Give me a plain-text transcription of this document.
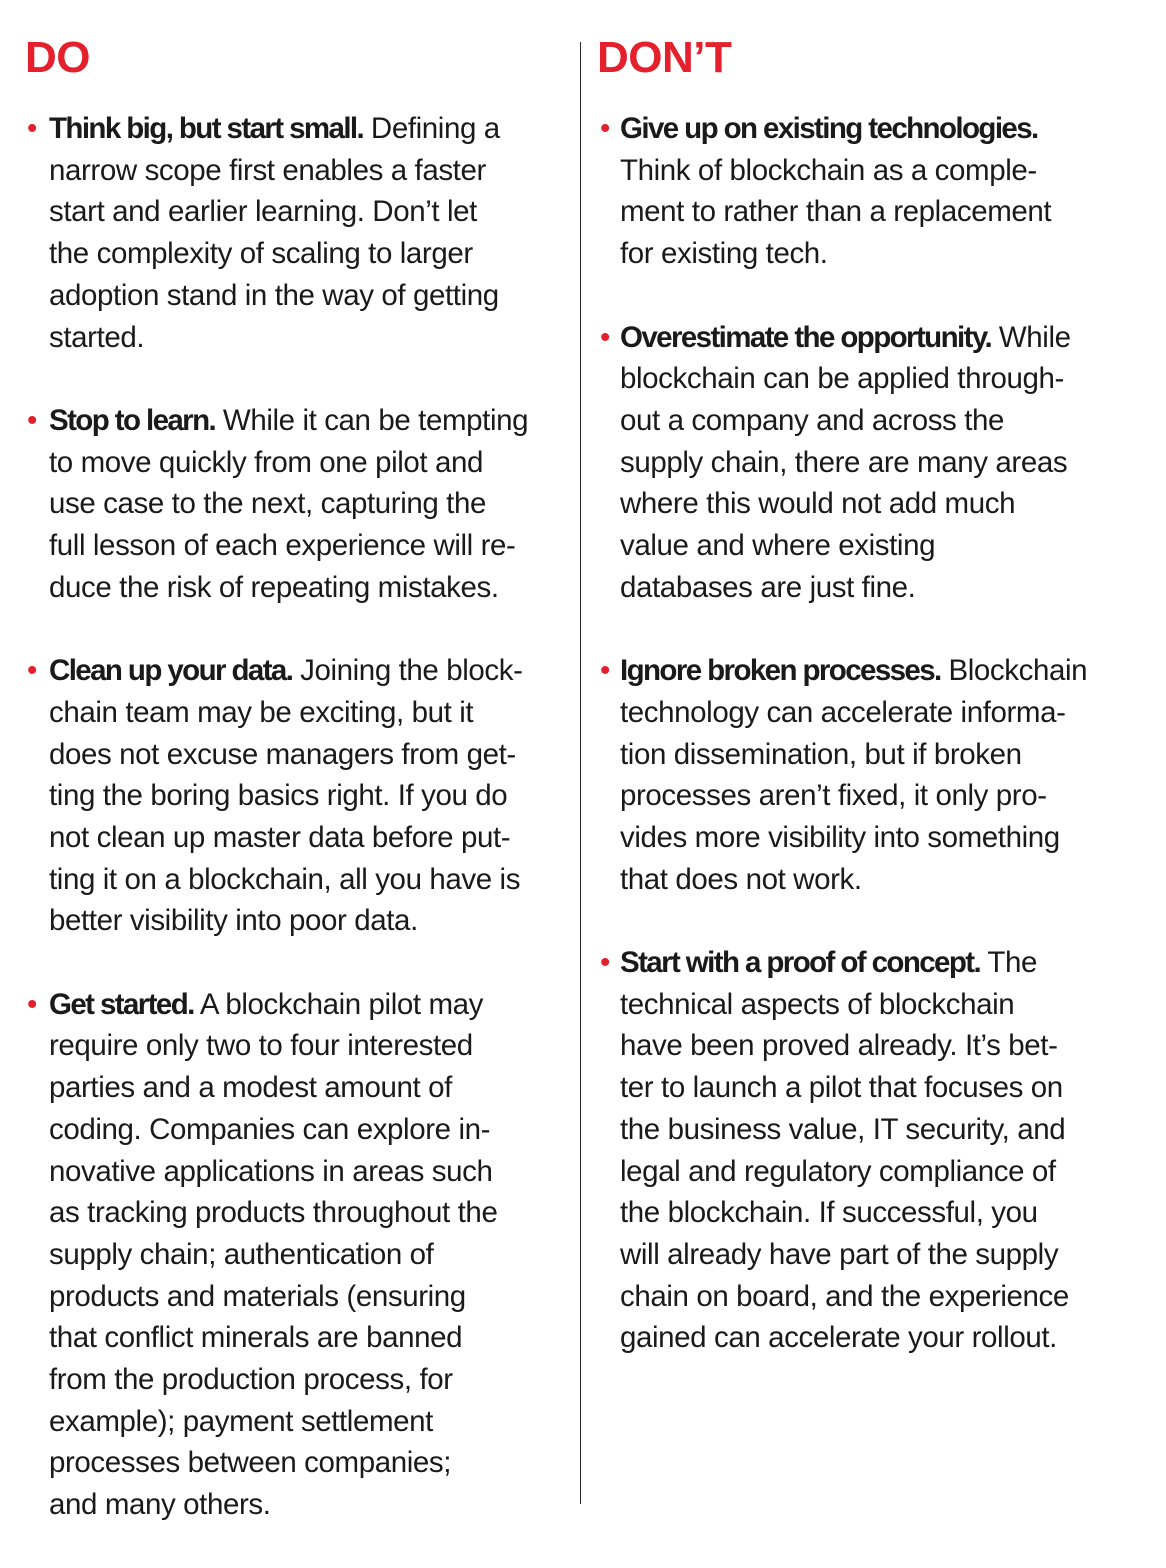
DO
• Think big, but start small. Defining a
narrow scope first enables a faster
start and earlier learning. Don’t let
the complexity of scaling to larger
adoption stand in the way of getting
started.
• Stop to learn. While it can be tempting
to move quickly from one pilot and
use case to the next, capturing the
full lesson of each experience will re-
duce the risk of repeating mistakes.
• Clean up your data. Joining the block-
chain team may be exciting, but it
does not excuse managers from get-
ting the boring basics right. If you do
not clean up master data before put-
ting it on a blockchain, all you have is
better visibility into poor data.
• Get started. A blockchain pilot may
require only two to four interested
parties and a modest amount of
coding. Companies can explore in-
novative applications in areas such
as tracking products throughout the
supply chain; authentication of
products and materials (ensuring
that conflict minerals are banned
from the production process, for
example); payment settlement
processes between companies;
and many others.
DON’T
• Give up on existing technologies.
Think of blockchain as a comple-
ment to rather than a replacement
for existing tech.
• Overestimate the opportunity. While
blockchain can be applied through-
out a company and across the
supply chain, there are many areas
where this would not add much
value and where existing
databases are just fine.
• Ignore broken processes. Blockchain
technology can accelerate informa-
tion dissemination, but if broken
processes aren’t fixed, it only pro-
vides more visibility into something
that does not work.
• Start with a proof of concept. The
technical aspects of blockchain
have been proved already. It’s bet-
ter to launch a pilot that focuses on
the business value, IT security, and
legal and regulatory compliance of
the blockchain. If successful, you
will already have part of the supply
chain on board, and the experience
gained can accelerate your rollout.
